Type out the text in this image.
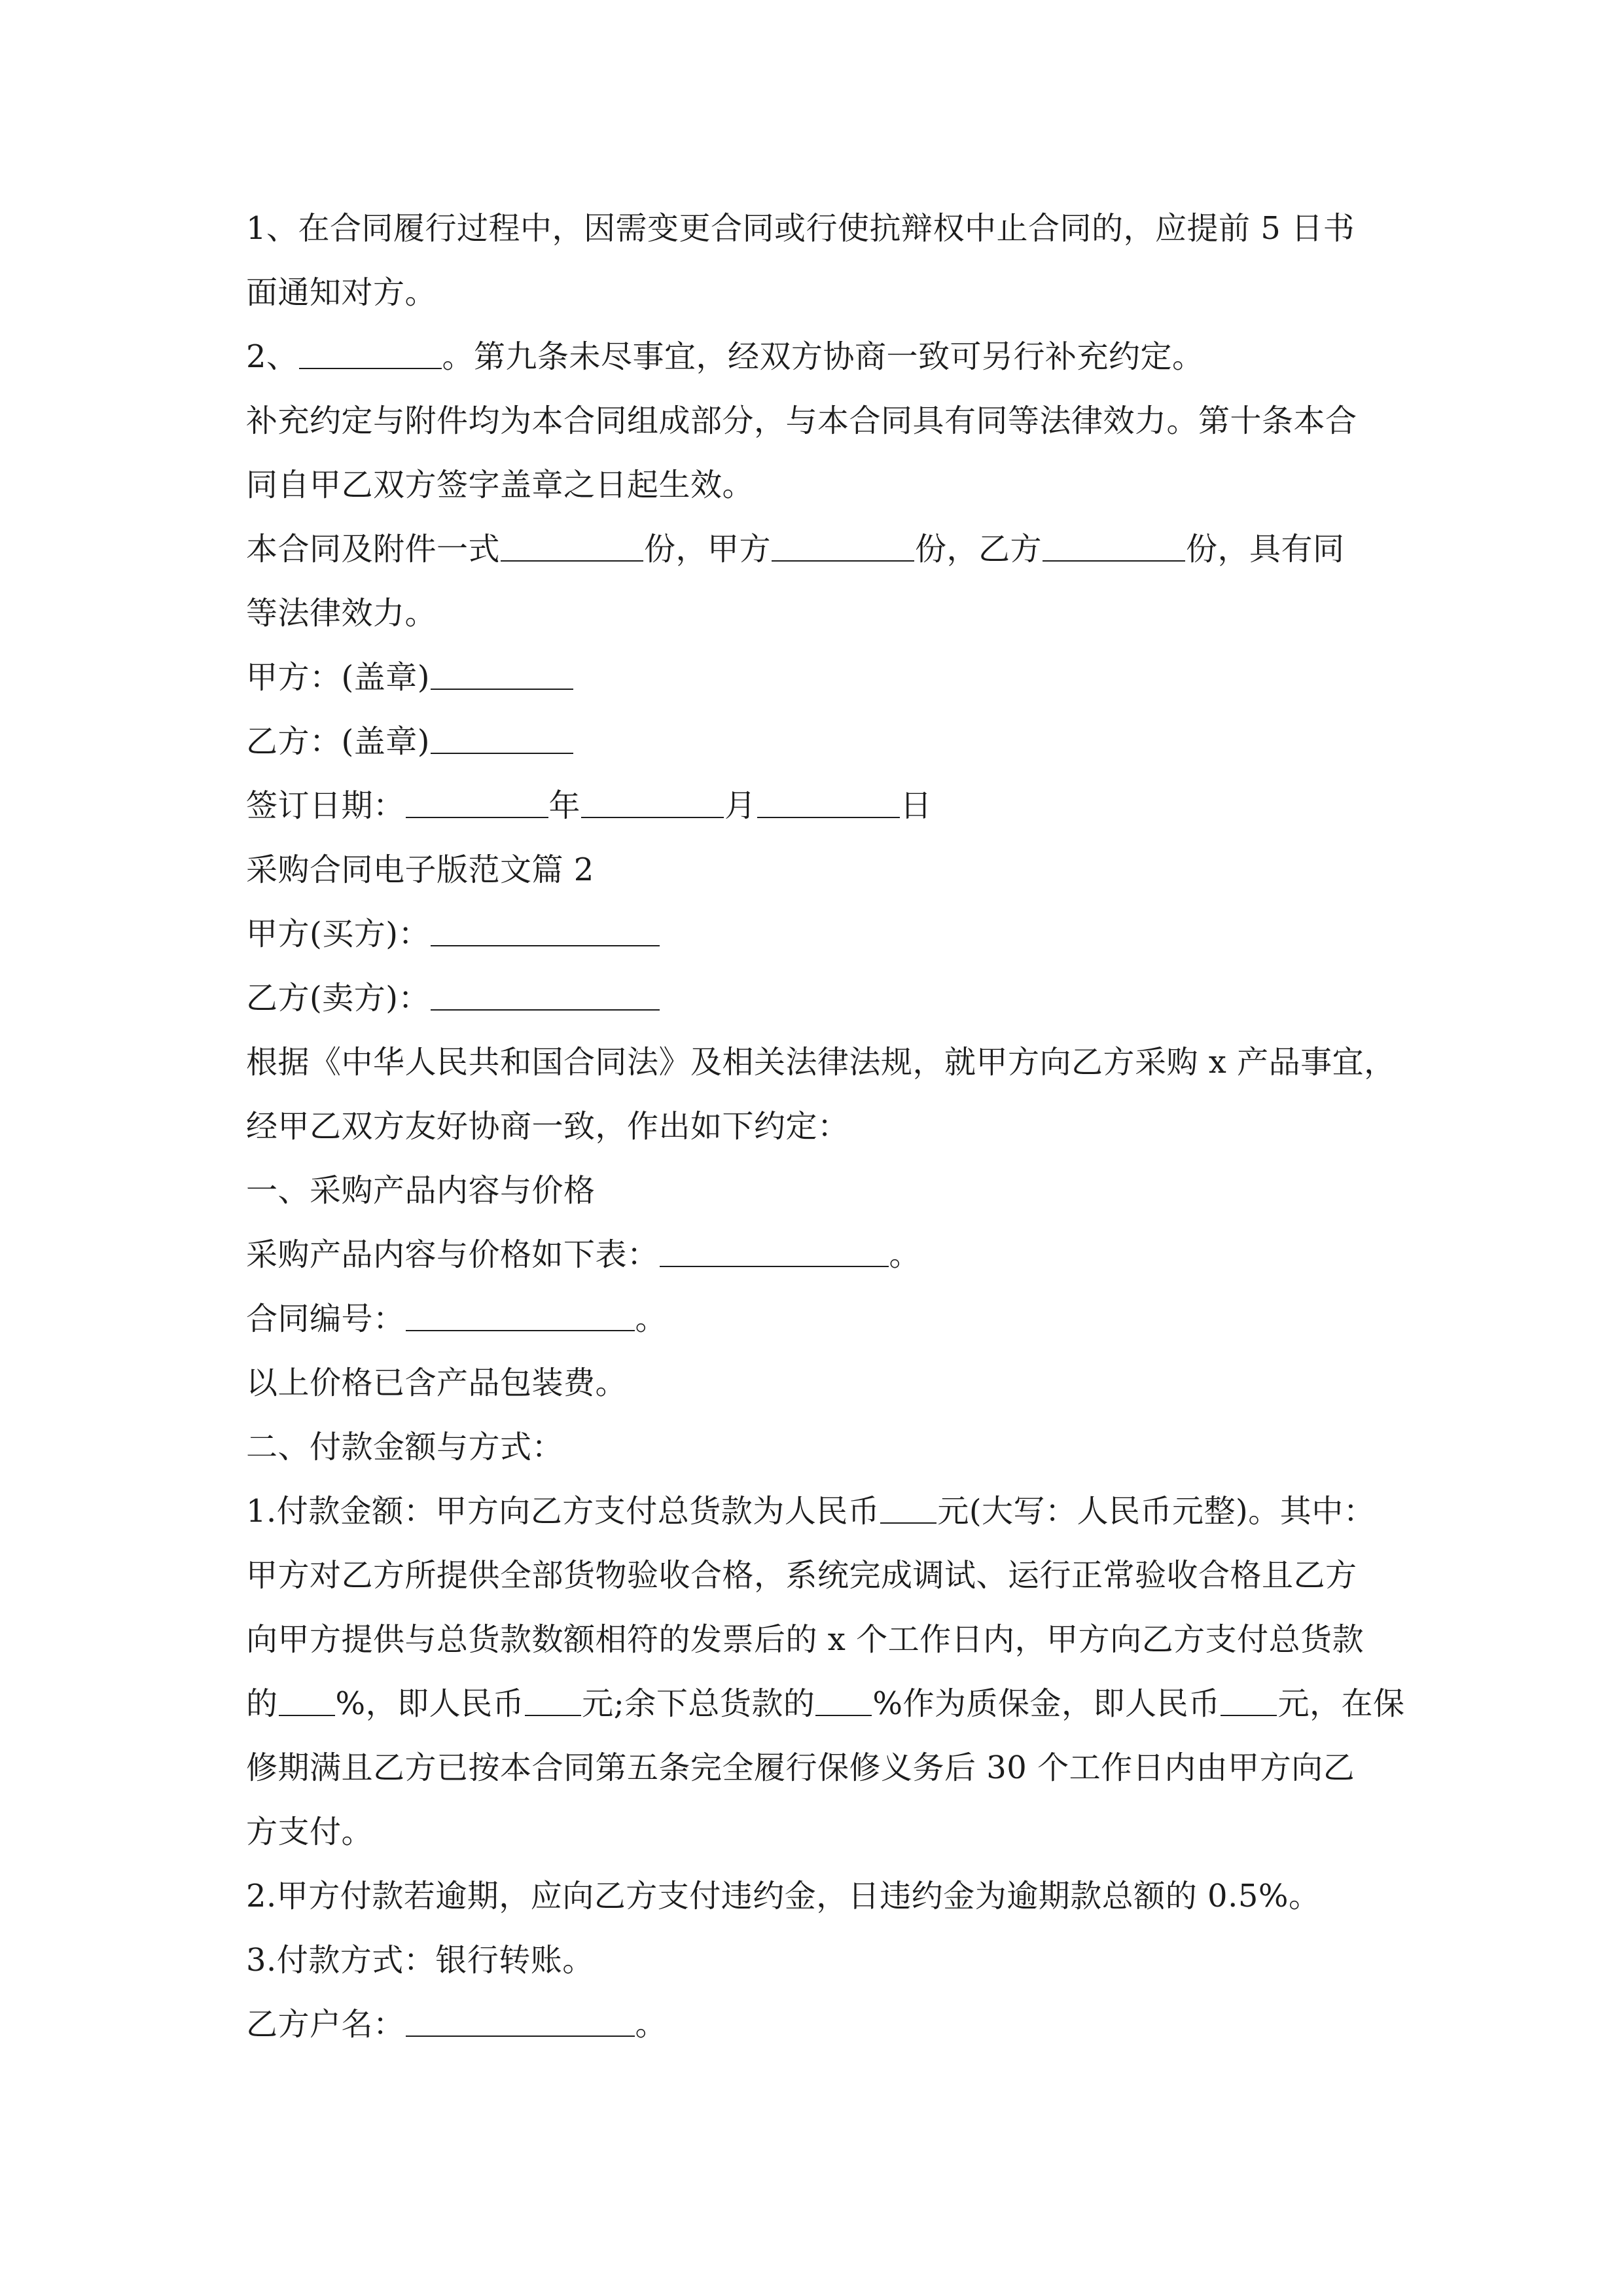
1、在合同履行过程中，因需变更合同或行使抗辩权中止合同的，应提前 5 日书
面通知对方。
2、	。第九条未尽事宜，经双方协商一致可另行补充约定。
补充约定与附件均为本合同组成部分，与本合同具有同等法律效力。第十条本合
同自甲乙双方签字盖章之日起生效。
本合同及附件一式	份，甲方	份，乙方	份，具有同
等法律效力。
甲方：(盖章)
乙方：(盖章)
签订日期：	年	月	日
采购合同电子版范文篇 2
甲方(买方)：
乙方(卖方)：
根据《中华人民共和国合同法》及相关法律法规，就甲方向乙方采购 x 产品事宜，
经甲乙双方友好协商一致，作出如下约定：
一、采购产品内容与价格
采购产品内容与价格如下表：	。
合同编号：	。
以上价格已含产品包装费。
二、付款金额与方式：
1.付款金额：甲方向乙方支付总货款为人民币 元(大写：人民币元整)。其中：
甲方对乙方所提供全部货物验收合格，系统完成调试、运行正常验收合格且乙方
向甲方提供与总货款数额相符的发票后的 x 个工作日内，甲方向乙方支付总货款
的 %，即人民币 元;余下总货款的 %作为质保金，即人民币 元，在保
修期满且乙方已按本合同第五条完全履行保修义务后 30 个工作日内由甲方向乙
方支付。
2.甲方付款若逾期，应向乙方支付违约金，日违约金为逾期款总额的 0.5%。
3.付款方式：银行转账。
乙方户名：	。
